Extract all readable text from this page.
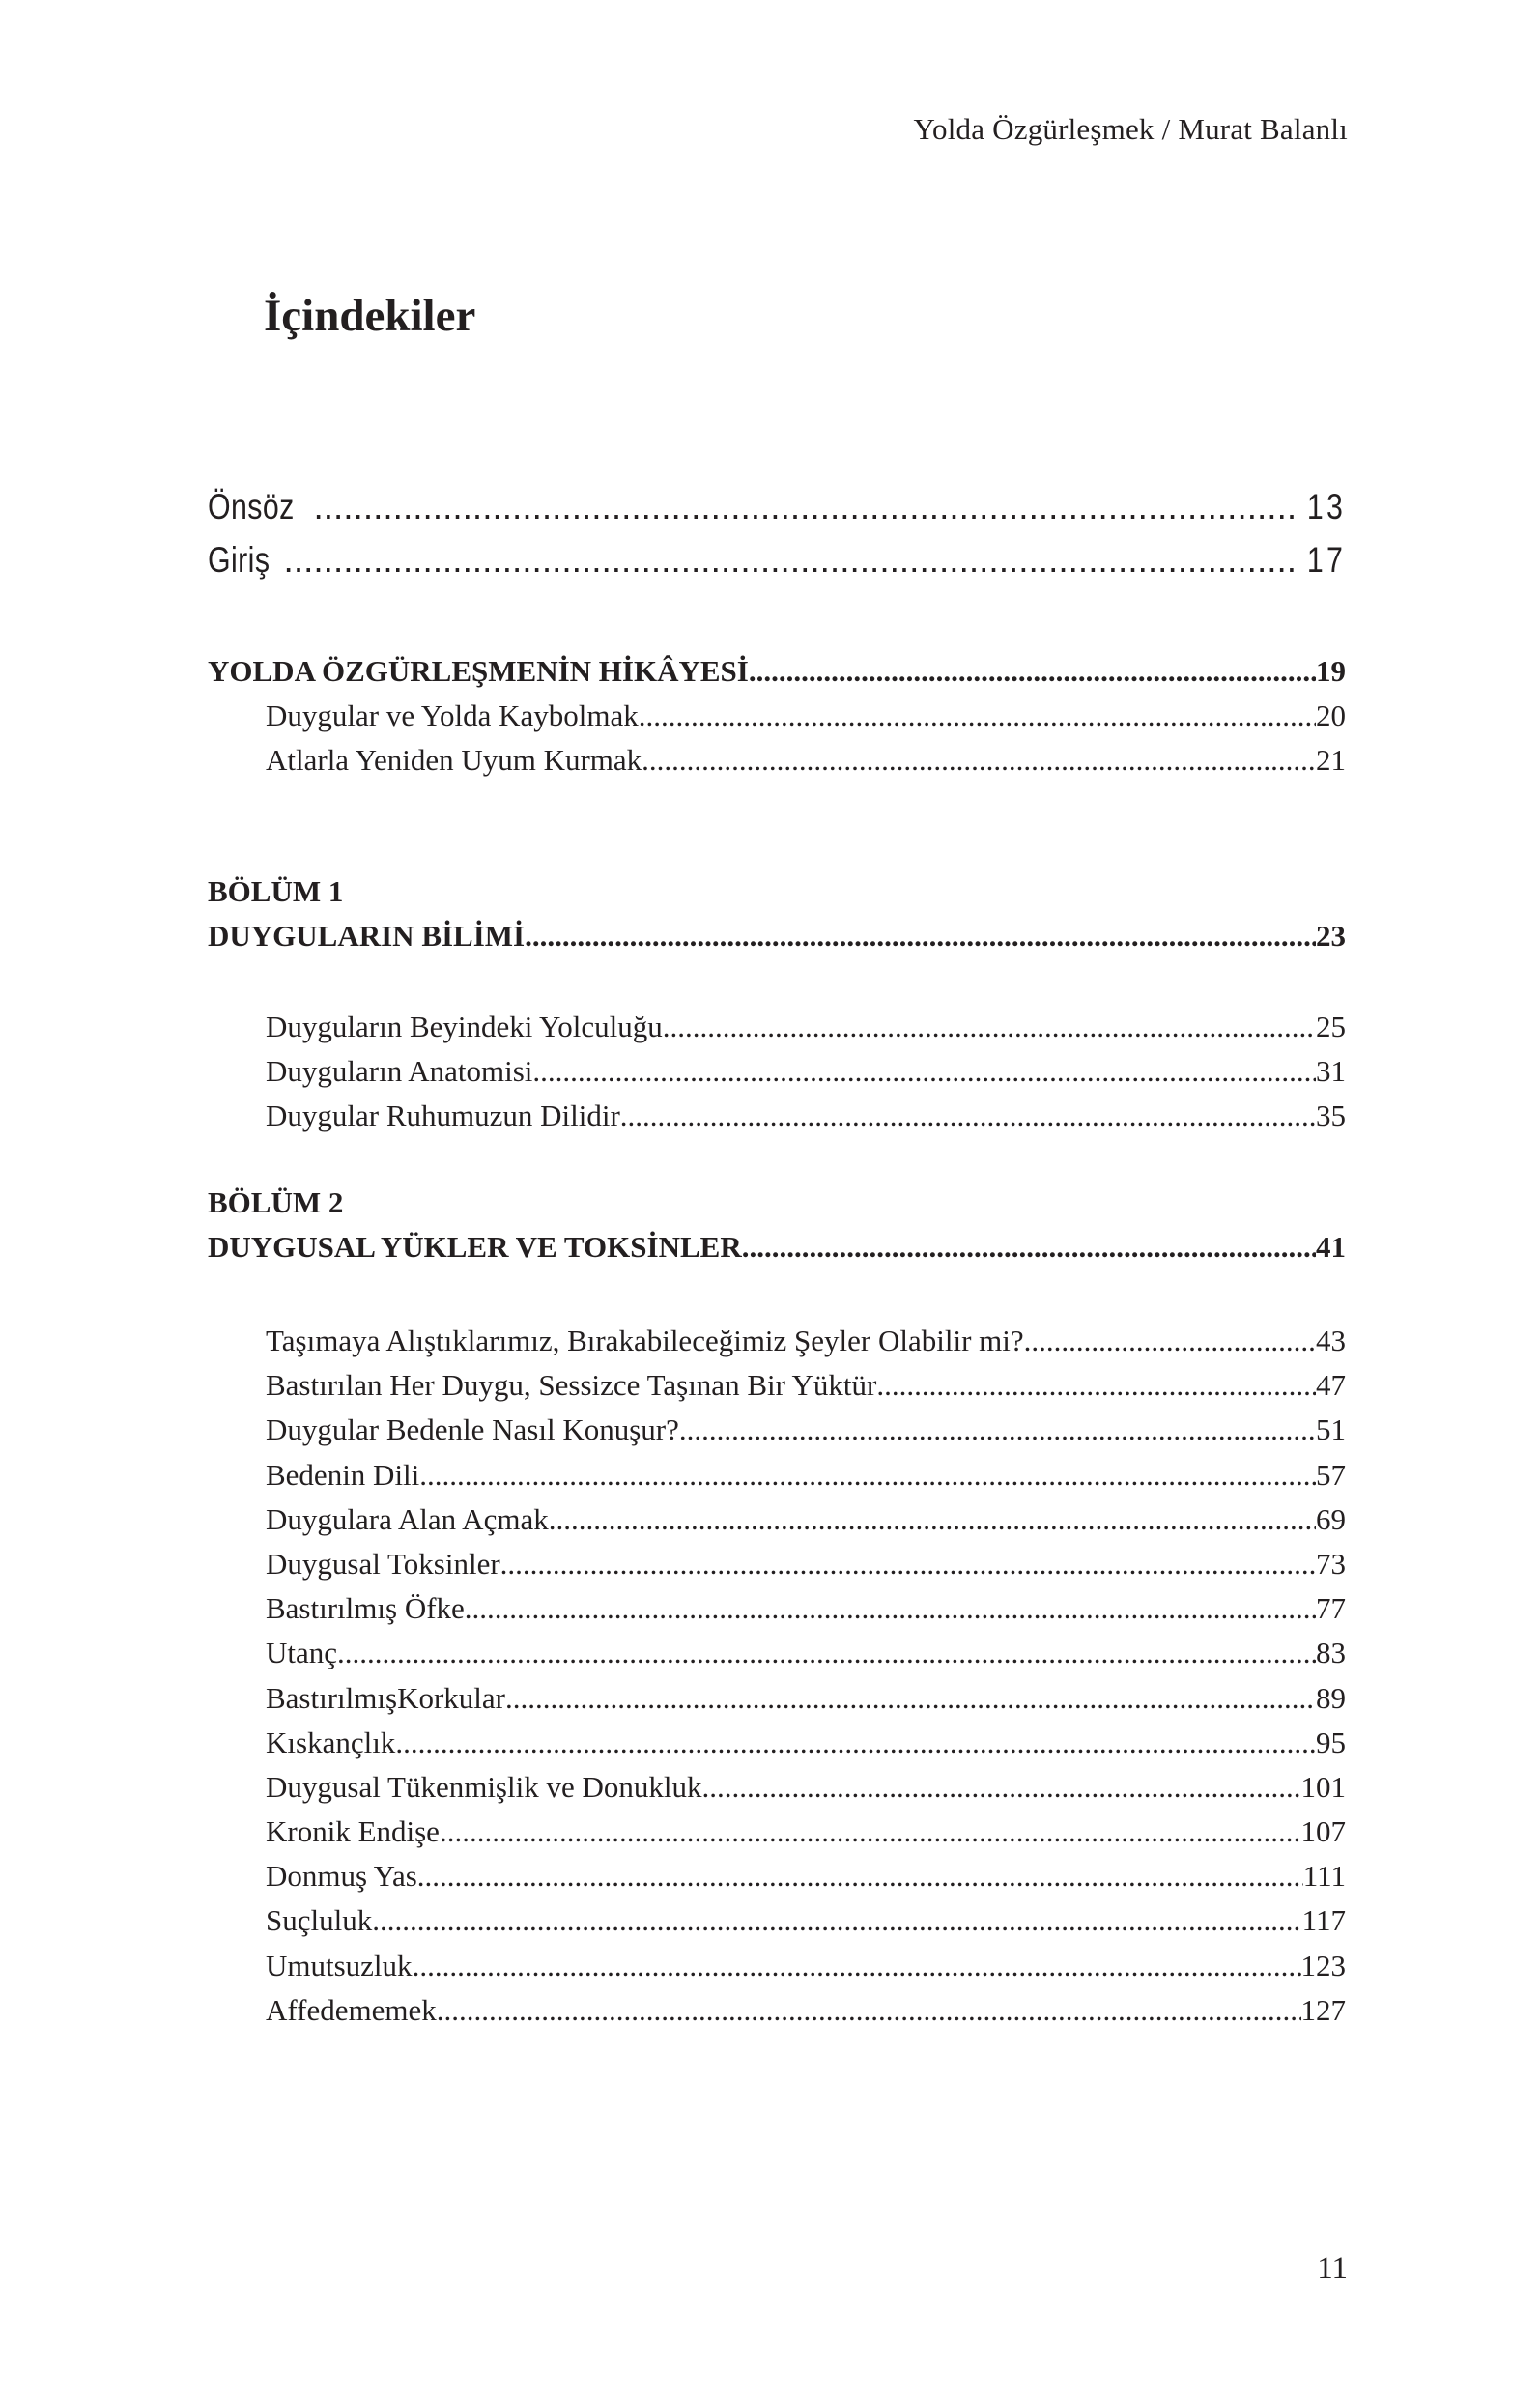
Yolda Özgürleşmek / Murat Balanlı
İçindekiler
Önsöz .....	13
Giriş .....	17
YOLDA ÖZGÜRLEŞMENİN HİKÂYESİ .....	19
Duygular ve Yolda Kaybolmak .....	20
Atlarla Yeniden Uyum Kurmak .....	21
BÖLÜM 1
DUYGULARIN BİLİMİ .....	23
Duyguların Beyindeki Yolculuğu .....	25
Duyguların Anatomisi .....	31
Duygular Ruhumuzun Dilidir .....	35
BÖLÜM 2
DUYGUSAL YÜKLER VE TOKSİNLER .....	41
Taşımaya Alıştıklarımız, Bırakabileceğimiz Şeyler Olabilir mi? .....	43
Bastırılan Her Duygu, Sessizce Taşınan Bir Yüktür .....	47
Duygular Bedenle Nasıl Konuşur? .....	51
Bedenin Dili .....	57
Duygulara Alan Açmak .....	69
Duygusal Toksinler .....	73
Bastırılmış Öfke .....	77
Utanç .....	83
BastırılmışKorkular .....	89
Kıskançlık .....	95
Duygusal Tükenmişlik ve Donukluk .....	101
Kronik Endişe .....	107
Donmuş Yas .....	111
Suçluluk .....	117
Umutsuzluk .....	123
Affedememek .....	127
11
